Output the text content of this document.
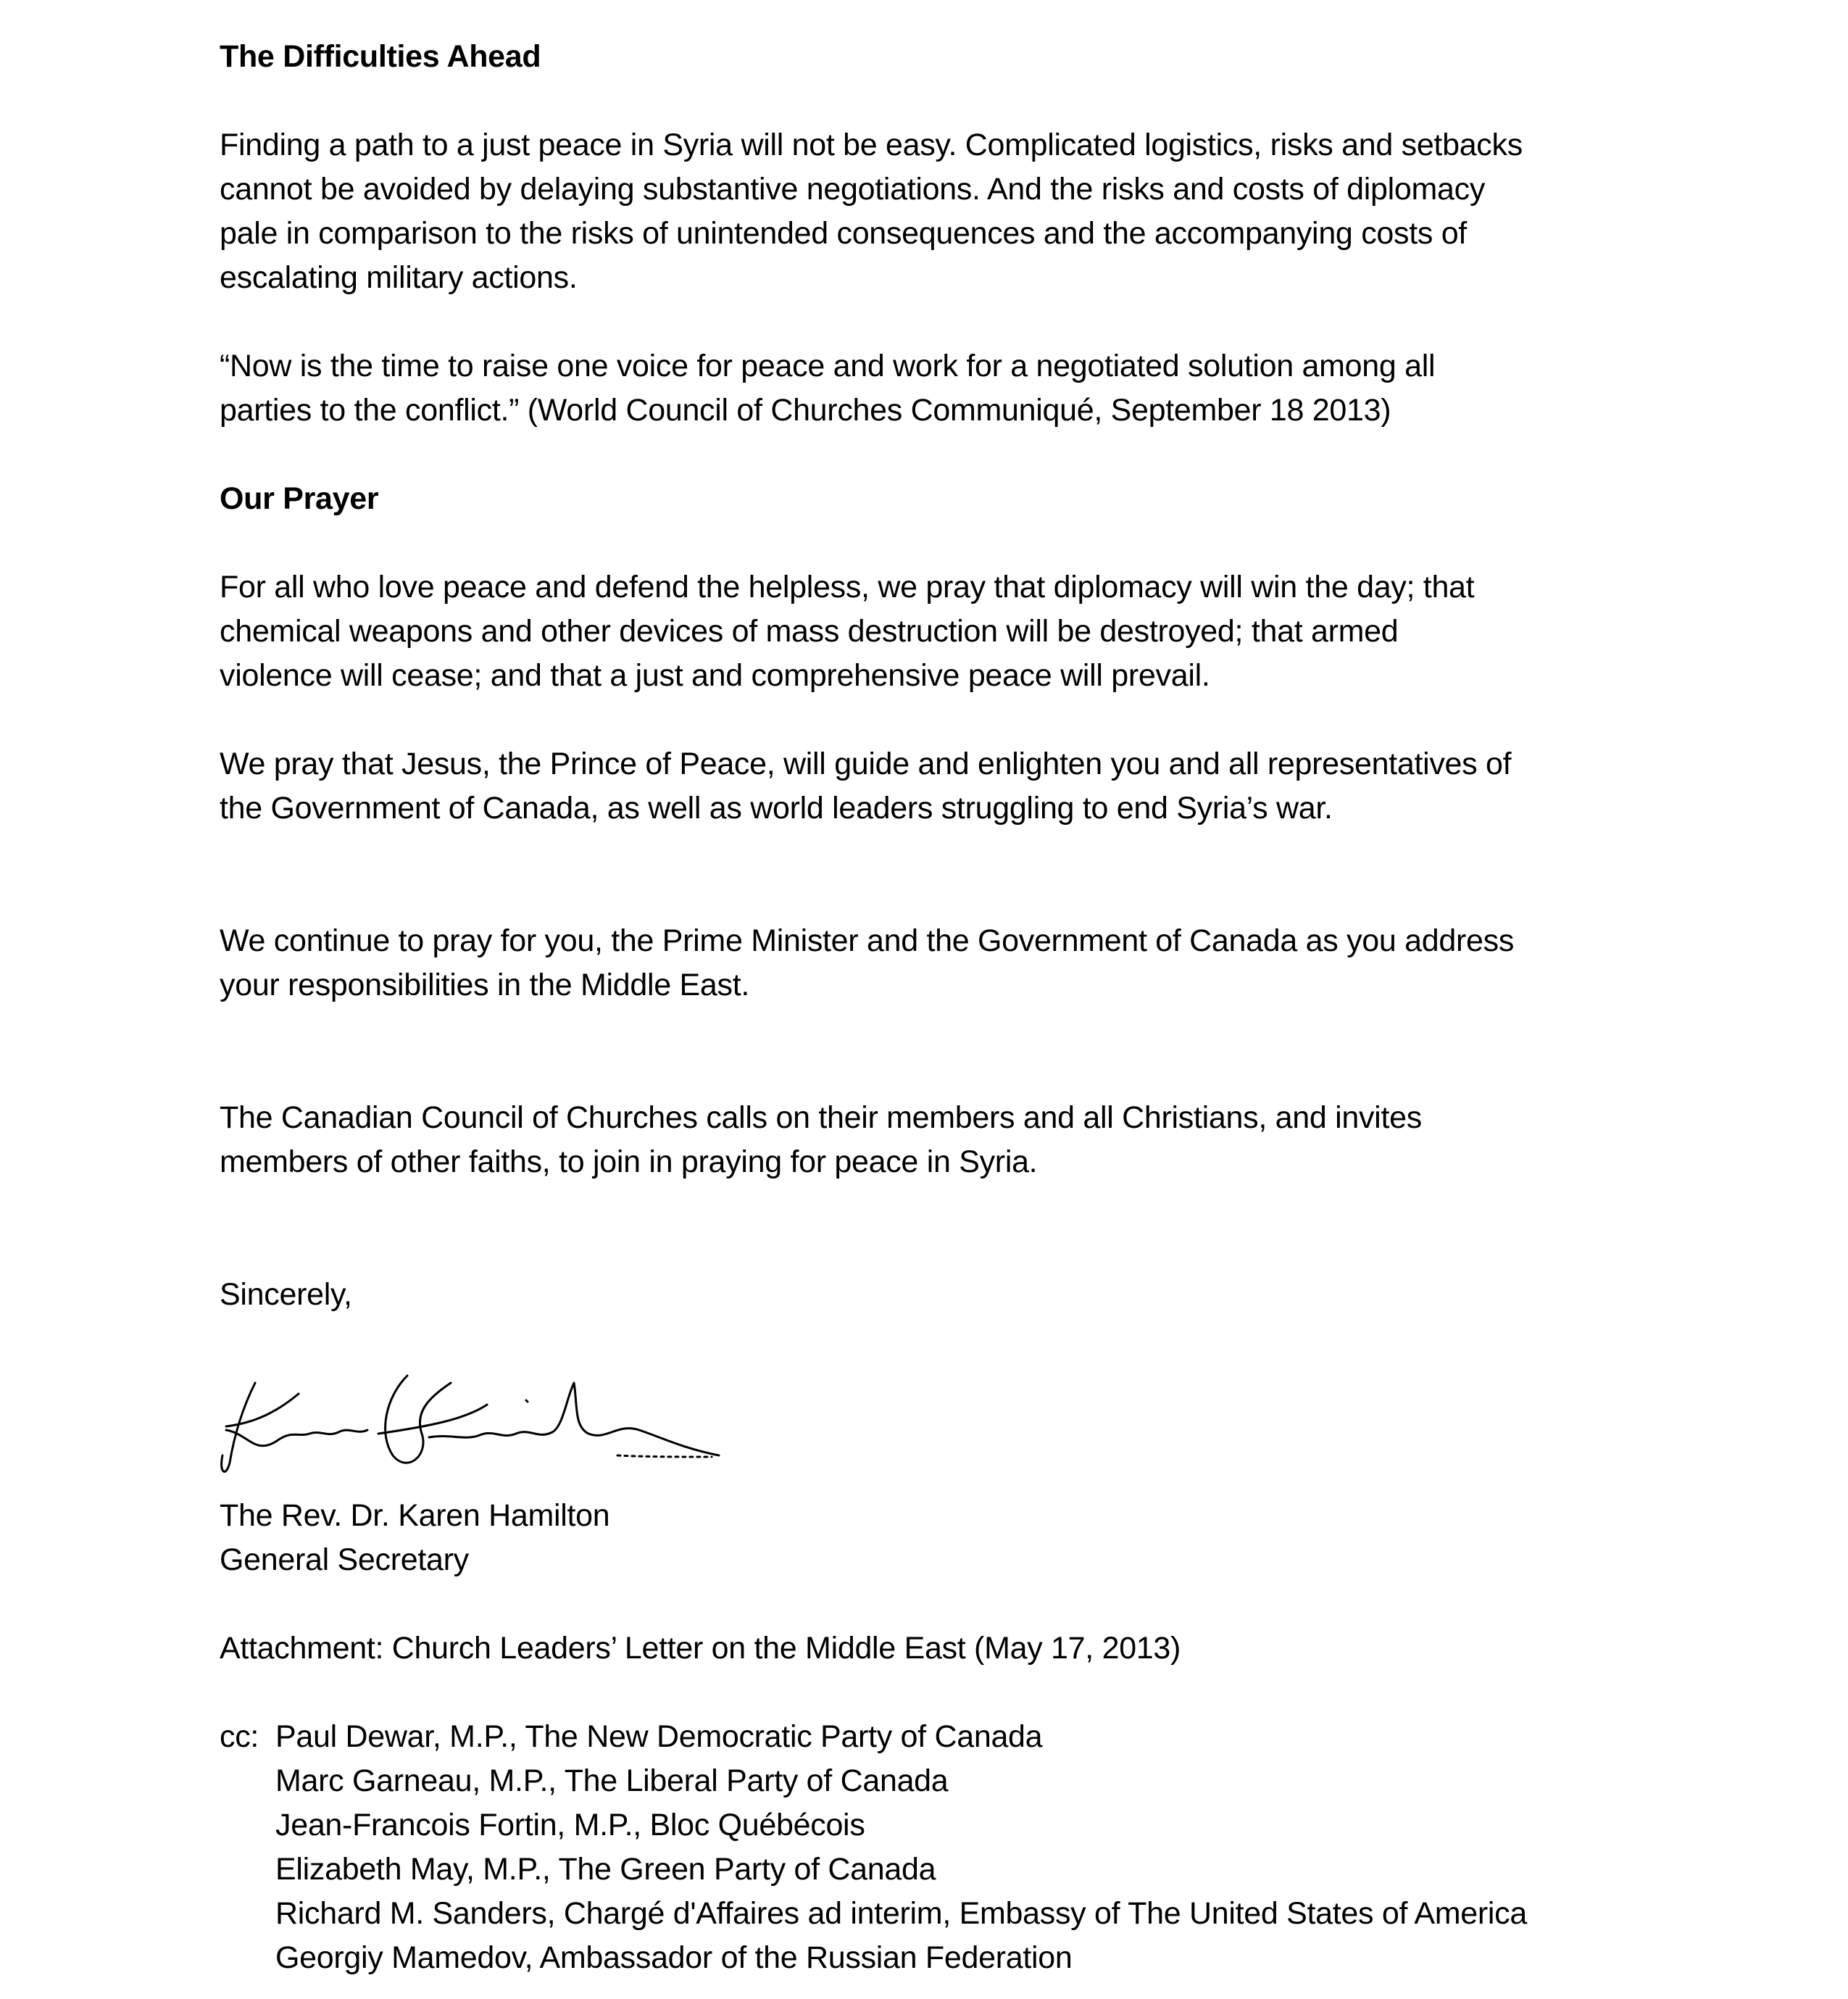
The Difficulties Ahead
Finding a path to a just peace in Syria will not be easy. Complicated logistics, risks and setbacks
cannot be avoided by delaying substantive negotiations. And the risks and costs of diplomacy
pale in comparison to the risks of unintended consequences and the accompanying costs of
escalating military actions.
“Now is the time to raise one voice for peace and work for a negotiated solution among all
parties to the conflict.” (World Council of Churches Communiqué, September 18 2013)
Our Prayer
For all who love peace and defend the helpless, we pray that diplomacy will win the day; that
chemical weapons and other devices of mass destruction will be destroyed; that armed
violence will cease; and that a just and comprehensive peace will prevail.
We pray that Jesus, the Prince of Peace, will guide and enlighten you and all representatives of
the Government of Canada, as well as world leaders struggling to end Syria’s war.
We continue to pray for you, the Prime Minister and the Government of Canada as you address
your responsibilities in the Middle East.
The Canadian Council of Churches calls on their members and all Christians, and invites
members of other faiths, to join in praying for peace in Syria.
Sincerely,
The Rev. Dr. Karen Hamilton
General Secretary
Attachment: Church Leaders’ Letter on the Middle East (May 17, 2013)
cc: Paul Dewar, M.P., The New Democratic Party of Canada
Marc Garneau, M.P., The Liberal Party of Canada
Jean-Francois Fortin, M.P., Bloc Québécois
Elizabeth May, M.P., The Green Party of Canada
Richard M. Sanders, Chargé d'Affaires ad interim, Embassy of The United States of America
Georgiy Mamedov, Ambassador of the Russian Federation
